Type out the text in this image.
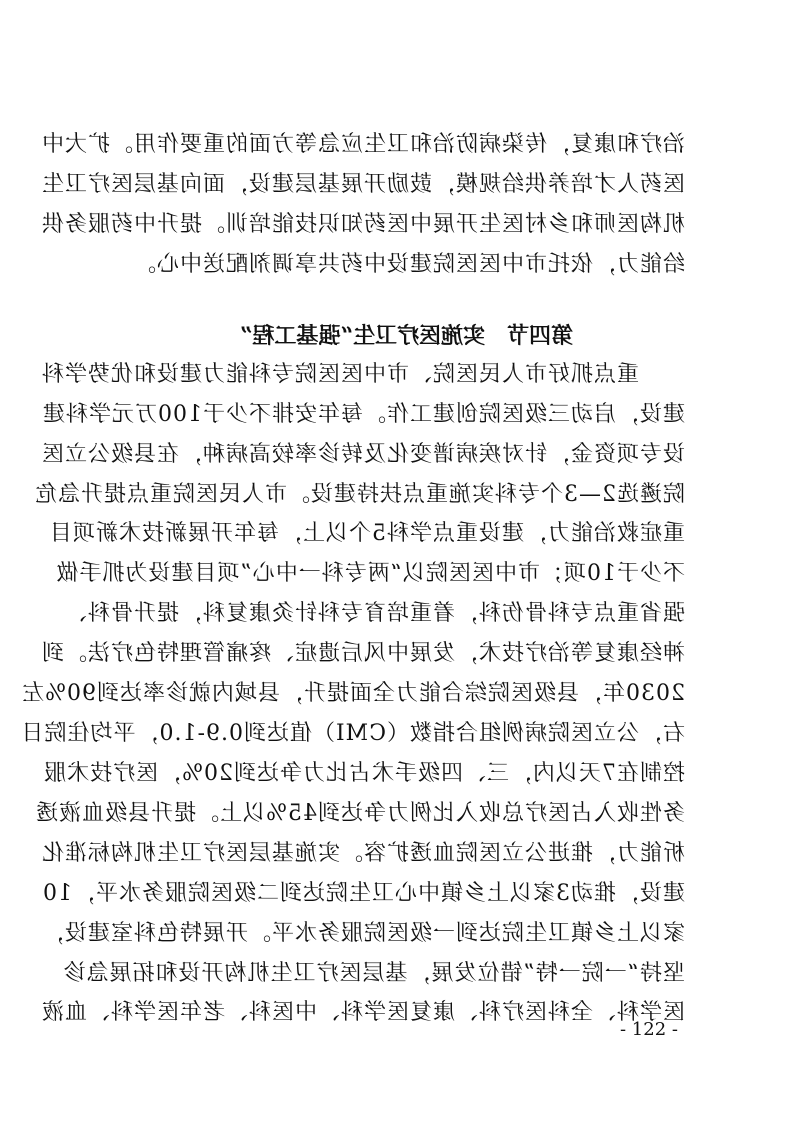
治疗和康复，传染病防治和卫生应急等方面的重要作用。扩大中
医药人才培养供给规模，鼓励开展基层建设，面向基层医疗卫生
机构医师和乡村医生开展中医药知识技能培训。提升中药服务供
给能力，依托市中医医院建设中药共享调剂配送中心。
第四节　实施医疗卫生“强基工程”
　　重点抓好市人民医院、市中医医院专科能力建设和优势学科
建设，启动三级医院创建工作。每年安排不少于100万元学科建
设专项资金，针对疾病谱变化及转诊率较高病种，在县级公立医
院遴选2—3个专科实施重点扶持建设。市人民医院重点提升急危
重症救治能力，建设重点学科5个以上，每年开展新技术新项目
不少于10项；市中医医院以“两专科一中心”项目建设为抓手做
强省重点专科骨伤科，着重培育专科针灸康复科，提升骨科、
神经康复等治疗技术，发展中风后遗症、疼痛管理特色疗法。到
2030年，县级医院综合能力全面提升，县域内就诊率达到90%左
右，公立医院病例组合指数（CMI）值达到0.9-1.0，平均住院日
控制在7天以内，三、四级手术占比力争达到20%，医疗技术服
务性收入占医疗总收入比例力争达到45%以上。提升县级血液透
析能力，推进公立医院血透扩容。实施基层医疗卫生机构标准化
建设，推动3家以上乡镇中心卫生院达到二级医院服务水平，10
家以上乡镇卫生院达到一级医院服务水平。开展特色科室建设，
坚持“一院一特”错位发展，基层医疗卫生机构开设和拓展急诊
医学科、全科医疗科、康复医学科、中医科、老年医学科、血液
- 122 -
